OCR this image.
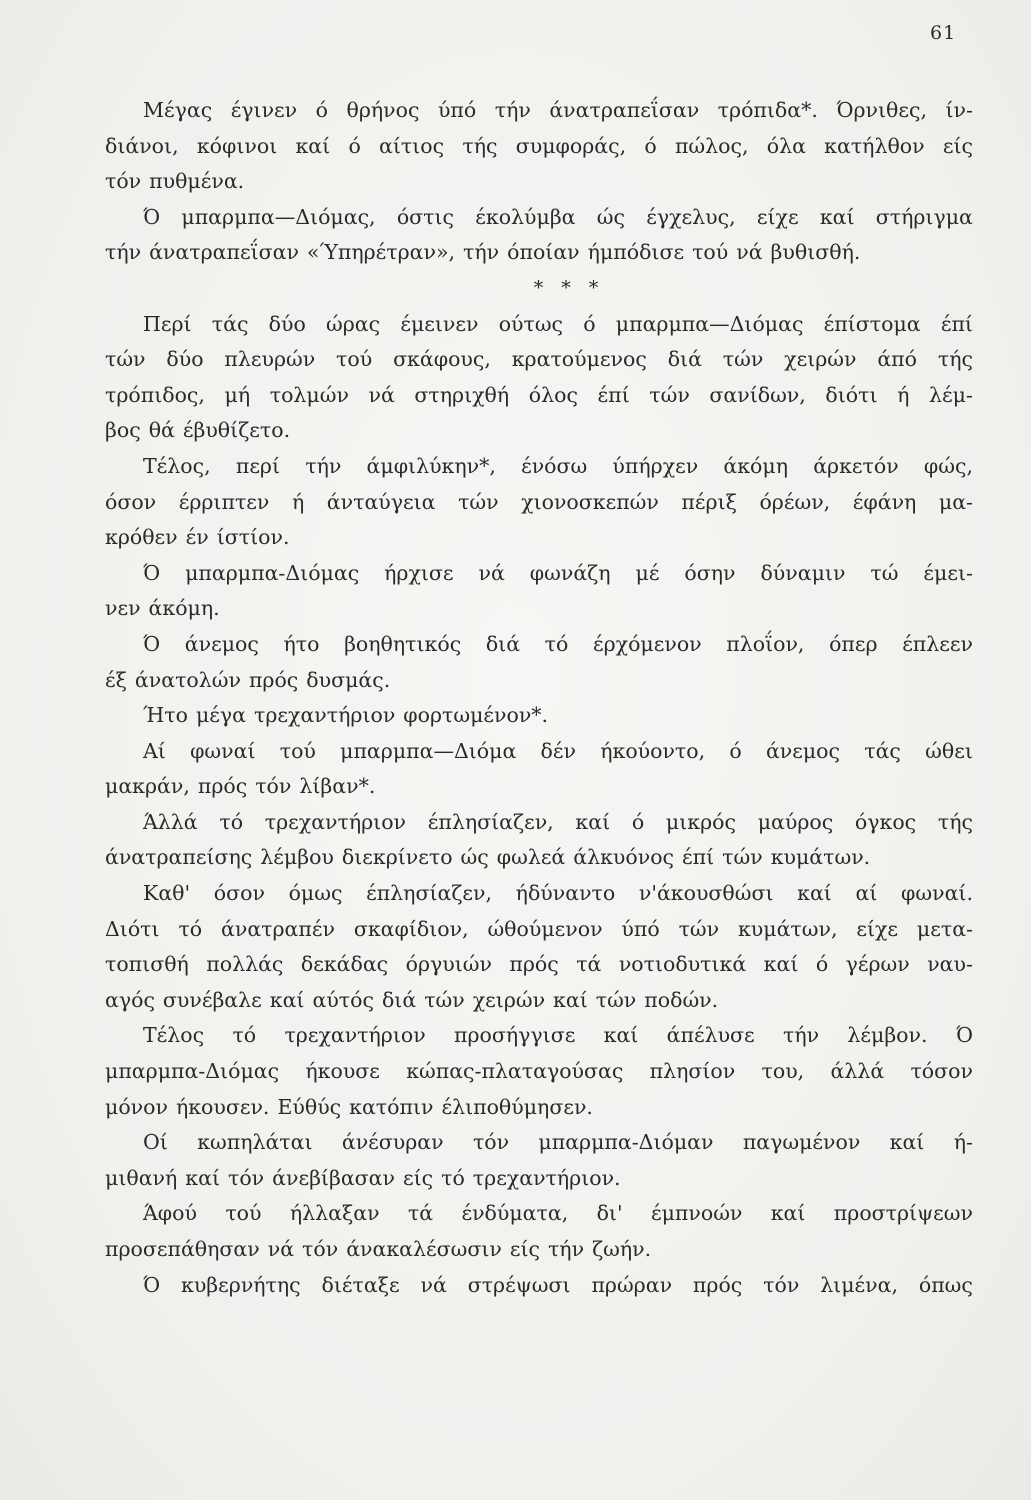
61
Μέγας έγινεν ό θρήνος ύπό τήν άνατραπεΐσαν τρόπιδα*. Όρνιθες, ίν-
διάνοι, κόφινοι καί ό αίτιος τής συμφοράς, ό πώλος, όλα κατήλθον είς
τόν πυθμένα.
Ό μπαρμπα—Διόμας, όστις έκολύμβα ώς έγχελυς, είχε καί στήριγμα
τήν άνατραπεΐσαν «Ύπηρέτραν», τήν όποίαν ήμπόδισε τού νά βυθισθή.
* * *
Περί τάς δύο ώρας έμεινεν ούτως ό μπαρμπα—Διόμας έπίστομα έπί
τών δύο πλευρών τού σκάφους, κρατούμενος διά τών χειρών άπό τής
τρόπιδος, μή τολμών νά στηριχθή όλος έπί τών σανίδων, διότι ή λέμ-
βος θά έβυθίζετο.
Τέλος, περί τήν άμφιλύκην*, ένόσω ύπήρχεν άκόμη άρκετόν φώς,
όσον έρριπτεν ή άνταύγεια τών χιονοσκεπών πέριξ όρέων, έφάνη μα-
κρόθεν έν ίστίον.
Ό μπαρμπα-Διόμας ήρχισε νά φωνάζη μέ όσην δύναμιν τώ έμει-
νεν άκόμη.
Ό άνεμος ήτο βοηθητικός διά τό έρχόμενον πλοΐον, όπερ έπλεεν
έξ άνατολών πρός δυσμάς.
Ήτο μέγα τρεχαντήριον φορτωμένον*.
Αί φωναί τού μπαρμπα—Διόμα δέν ήκούοντο, ό άνεμος τάς ώθει
μακράν, πρός τόν λίβαν*.
Άλλά τό τρεχαντήριον έπλησίαζεν, καί ό μικρός μαύρος όγκος τής
άνατραπείσης λέμβου διεκρίνετο ώς φωλεά άλκυόνος έπί τών κυμάτων.
Καθ' όσον όμως έπλησίαζεν, ήδύναντο ν'άκουσθώσι καί αί φωναί.
Διότι τό άνατραπέν σκαφίδιον, ώθούμενον ύπό τών κυμάτων, είχε μετα-
τοπισθή πολλάς δεκάδας όργυιών πρός τά νοτιοδυτικά καί ό γέρων ναυ-
αγός συνέβαλε καί αύτός διά τών χειρών καί τών ποδών.
Τέλος τό τρεχαντήριον προσήγγισε καί άπέλυσε τήν λέμβον. Ό
μπαρμπα-Διόμας ήκουσε κώπας-πλαταγούσας πλησίον του, άλλά τόσον
μόνον ήκουσεν. Εύθύς κατόπιν έλιποθύμησεν.
Οί κωπηλάται άνέσυραν τόν μπαρμπα-Διόμαν παγωμένον καί ή-
μιθανή καί τόν άνεβίβασαν είς τό τρεχαντήριον.
Άφού τού ήλλαξαν τά ένδύματα, δι' έμπνοών καί προστρίψεων
προσεπάθησαν νά τόν άνακαλέσωσιν είς τήν ζωήν.
Ό κυβερνήτης διέταξε νά στρέψωσι πρώραν πρός τόν λιμένα, όπως
